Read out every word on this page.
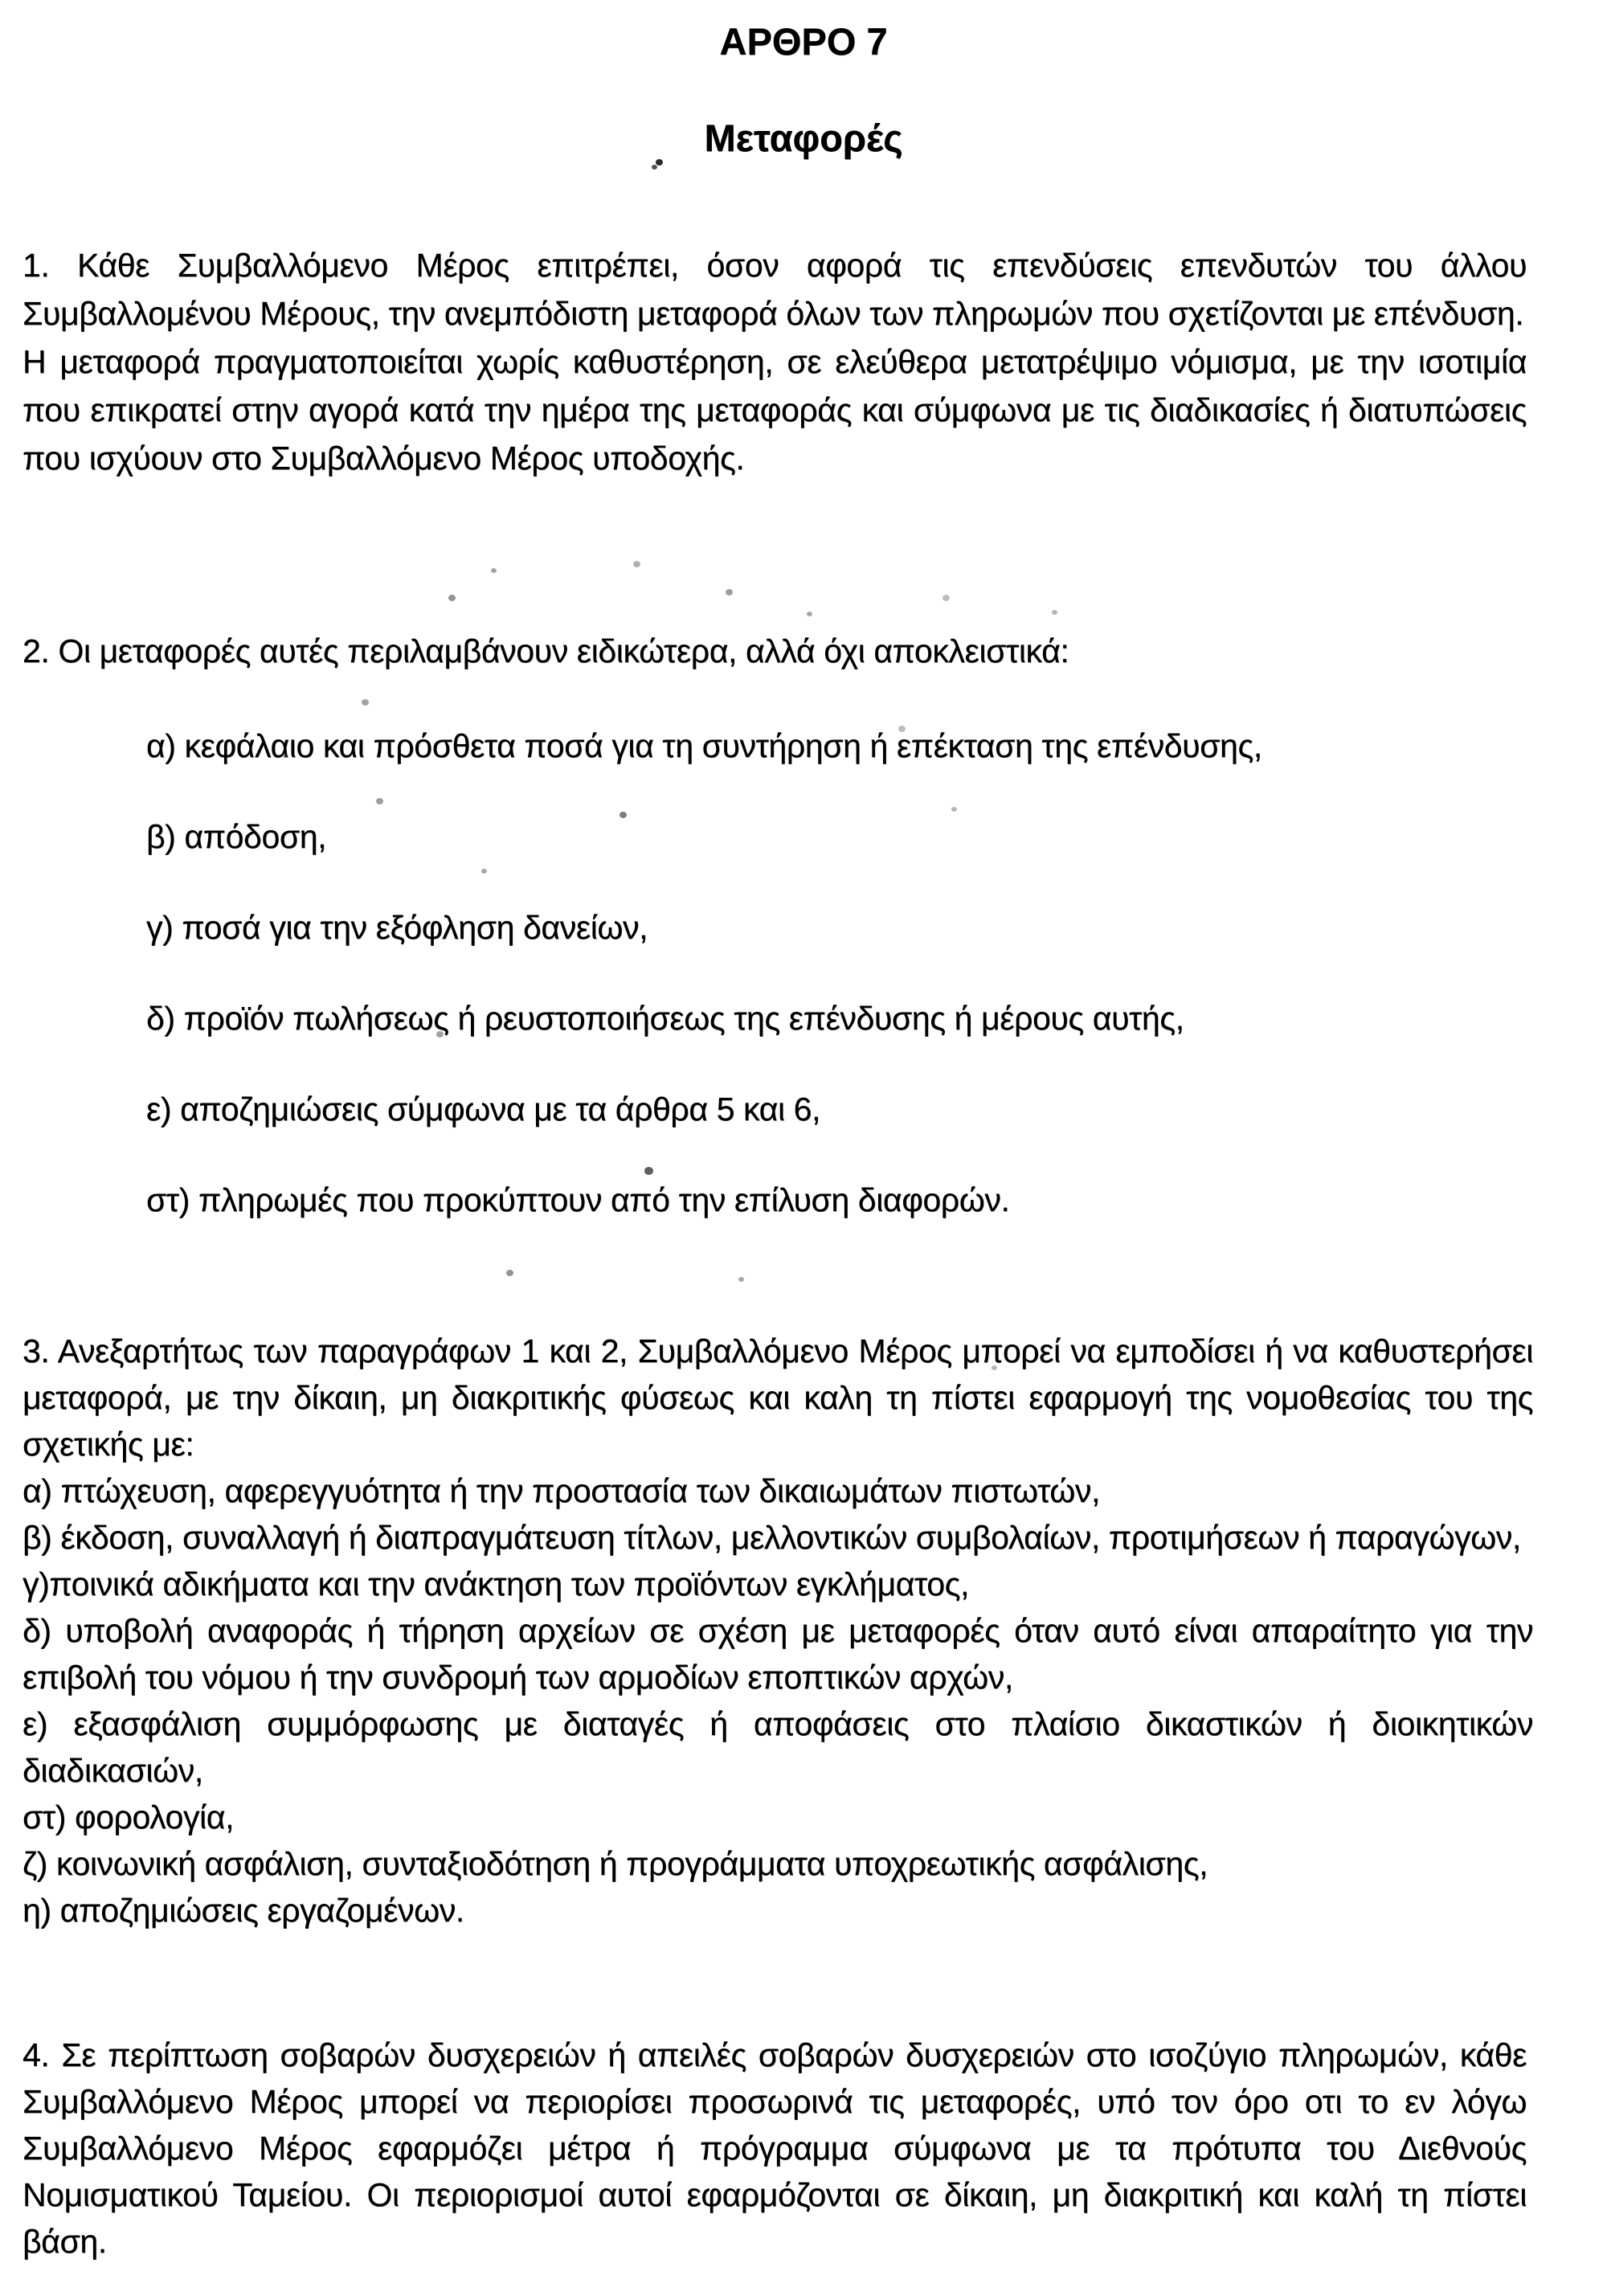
ΑΡΘΡΟ 7
Μεταφορές

1. Κάθε Συμβαλλόμενο Μέρος επιτρέπει, όσον αφορά τις επενδύσεις επενδυτών του άλλου Συμβαλλομένου Μέρους, την ανεμπόδιστη μεταφορά όλων των πληρωμών που σχετίζονται με επένδυση.

Η μεταφορά πραγματοποιείται χωρίς καθυστέρηση, σε ελεύθερα μετατρέψιμο νόμισμα, με την ισοτιμία που επικρατεί στην αγορά κατά την ημέρα της μεταφοράς και σύμφωνα με τις διαδικασίες ή διατυπώσεις που ισχύουν στο Συμβαλλόμενο Μέρος υποδοχής.

2. Οι μεταφορές αυτές περιλαμβάνουν ειδικώτερα, αλλά όχι αποκλειστικά:

α) κεφάλαιο και πρόσθετα ποσά για τη συντήρηση ή επέκταση της επένδυσης,

β) απόδοση,

γ) ποσά για την εξόφληση δανείων,

δ) προϊόν πωλήσεως ή ρευστοποιήσεως της επένδυσης ή μέρους αυτής,

ε) αποζημιώσεις σύμφωνα με τα άρθρα 5 και 6,

στ) πληρωμές που προκύπτουν από την επίλυση διαφορών.

3. Ανεξαρτήτως των παραγράφων 1 και 2, Συμβαλλόμενο Μέρος μπορεί να εμποδίσει ή να καθυστερήσει μεταφορά, με την δίκαιη, μη διακριτικής φύσεως και καλη τη πίστει εφαρμογή της νομοθεσίας του της σχετικής με:

α) πτώχευση, αφερεγγυότητα ή την προστασία των δικαιωμάτων πιστωτών,

β) έκδοση, συναλλαγή ή διαπραγμάτευση τίτλων, μελλοντικών συμβολαίων, προτιμήσεων ή παραγώγων,

γ)ποινικά αδικήματα και την ανάκτηση των προϊόντων εγκλήματος,

δ) υποβολή αναφοράς ή τήρηση αρχείων σε σχέση με μεταφορές όταν αυτό είναι απαραίτητο για την επιβολή του νόμου ή την συνδρομή των αρμοδίων εποπτικών αρχών,

ε) εξασφάλιση συμμόρφωσης με διαταγές ή αποφάσεις στο πλαίσιο δικαστικών ή διοικητικών διαδικασιών,

στ) φορολογία,

ζ) κοινωνική ασφάλιση, συνταξιοδότηση ή προγράμματα υποχρεωτικής ασφάλισης,

η) αποζημιώσεις εργαζομένων.

4. Σε περίπτωση σοβαρών δυσχερειών ή απειλές σοβαρών δυσχερειών στο ισοζύγιο πληρωμών, κάθε Συμβαλλόμενο Μέρος μπορεί να περιορίσει προσωρινά τις μεταφορές, υπό τον όρο οτι το εν λόγω Συμβαλλόμενο Μέρος εφαρμόζει μέτρα ή πρόγραμμα σύμφωνα με τα πρότυπα του Διεθνούς Νομισματικού Ταμείου. Οι περιορισμοί αυτοί εφαρμόζονται σε δίκαιη, μη διακριτική και καλή τη πίστει βάση.
